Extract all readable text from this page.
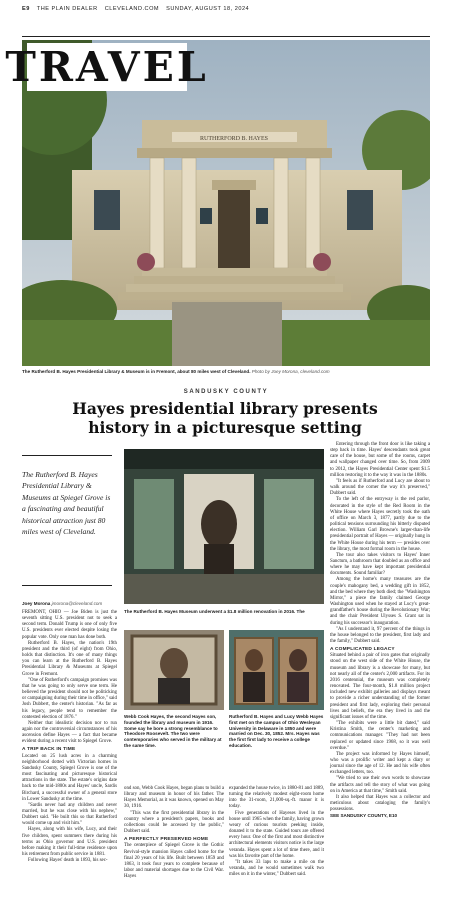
E9 THE PLAIN DEALER CLEVELAND.COM SUNDAY, AUGUST 18, 2024
RUTHERFORD B. HAYES
TRAVEL
The Rutherford B. Hayes Presidential Library & Museum is in Fremont, about 80 miles west of Cleveland. Photo by Joey Morona, cleveland.com
SANDUSKY COUNTY
Hayes presidential library presents history in a picturesque setting
The Rutherford B. Hayes Presidential Library & Museums at Spiegel Grove is a fascinating and beautiful historical attraction just 80 miles west of Cleveland.
Joey Morona jmorona@cleveland.com
The Rutherford B. Hayes Museum underwent a $1.8 million renovation in 2016. The
Webb Cook Hayes, the second Hayes son, founded the library and museum in 1916. Some say he bore a strong resemblance to Theodore Roosevelt. The two were contemporaries who served in the military at the same time.
Rutherford B. Hayes and Lucy Webb Hayes first met on the campus of Ohio Wesleyan University in Delaware in 1850 and were married on Dec. 30, 1852. Mrs. Hayes was the first first lady to receive a college education.

FREMONT, OHIO — Joe Biden is just the seventh sitting U.S. president not to seek a second term. Donald Trump is one of only five U.S. presidents ever elected despite losing the popular vote. Only one man has done both.

Rutherford B. Hayes, the nation's 19th president and the third (of eight) from Ohio, holds that distinction. It's one of many things you can learn at the Rutherford B. Hayes Presidential Library & Museums at Spiegel Grove in Fremont.

"One of Rutherford's campaign promises was that he was going to only serve one term. He believed the president should not be politicking or campaigning during their time in office," said Josh Dubbert, the center's historian. "As far as his legacy, people tend to remember the contested election of 1876."

Neither that idealistic decision nor to run again nor the controversial circumstances of his ascension define Hayes — a fact that became evident during a recent visit to Spiegel Grove.

A TRIP BACK IN TIME

Located on 25 lush acres in a charming neighborhood dotted with Victorian homes in Sandusky County, Spiegel Grove is one of the most fascinating and picturesque historical attractions in the state. The estate's origins date back to the mid-1800s and Hayes' uncle, Sardis Birchard, a successful owner of a general store in Lower Sandusky at the time.

"Sardis never had any children and never married, but he was close with his nephew," Dubbert said. "He built this so that Rutherford would come up and visit him."

Hayes, along with his wife, Lucy, and their five children, spent summers there during his terms as Ohio governor and U.S. president before making it their full-time residence upon his retirement from public service in 1881.

Following Hayes' death in 1893, his sec-

ond son, Webb Cook Hayes, began plans to build a library and museum in honor of his father. The Hayes Memorial, as it was known, opened on May 30, 1916.

"This was the first presidential library in the country where a president's papers, books and collections could be accessed by the public," Dubbert said.

A PERFECTLY PRESERVED HOME

The centerpiece of Spiegel Grove is the Gothic Revival-style mansion Hayes called home for the final 20 years of his life. Built between 1859 and 1863, it took four years to complete because of labor and material shortages due to the Civil War. Hayes

expanded the house twice, in 1880-81 and 1889, turning the relatively modest eight-room home into the 31-room, 21,000-sq.-ft. manor it is today.

Five generations of Hayeses lived in the house until 1965 when the family, having grown weary of curious tourists peeking inside, donated it to the state. Guided tours are offered every hour. One of the first and most distinctive architectural elements visitors notice is the large veranda. Hayes spent a lot of time there, and it was his favorite part of the home.

"It takes 33 laps to make a mile on the veranda, and he would sometimes walk two miles on it in the winter," Dubbert said.

Entering through the front door is like taking a step back in time. Hayes' descendants took great care of the house, but some of the rooms, carpet and wallpaper changed over time. So, from 2009 to 2012, the Hayes Presidential Center spent $1.5 million restoring it to the way it was in the 1880s.

"It feels as if Rutherford and Lucy are about to walk around the corner the way it's preserved," Dubbert said.

To the left of the entryway is the red parlor, decorated in the style of the Red Room in the White House where Hayes secretly took the oath of office on March 3, 1877, partly due to the political tensions surrounding his bitterly disputed election. William Garl Browne's larger-than-life presidential portrait of Hayes — originally hung in the White House during his term — presides over the library, the most formal room in the house.

The tour also takes visitors to Hayes' Inner Sanctum, a bathroom that doubled as an office and where he may have kept important presidential documents. Sound familiar?

Among the home's many treasures are the couple's mahogany bed, a wedding gift in 1852, and the bed where they both died; the "Washington Mirror," a piece the family claimed George Washington used when he stayed at Lucy's great-grandfather's house during the Revolutionary War; and the chair President Ulysses S. Grant sat in during his successor's inauguration.

"As I understand it, 97 percent of the things in the house belonged to the president, first lady and the family," Dubbert said.

A COMPLICATED LEGACY

Situated behind a pair of iron gates that originally stood on the west side of the White House, the museum and library is a showcase for many, but not nearly all of the center's 2,000 artifacts. For its 2016 centennial, the museum was completely renovated. The four-month, $1.8 million project included new exhibit galleries and displays meant to provide a richer understanding of the former president and first lady, exploring their personal lives and beliefs, the era they lived in and the significant issues of the time.

"The exhibits were a little bit dated," said Kristina Smith, the center's marketing and communications manager. "They had not been replaced or updated since 1968, so it was well overdue."

The project was informed by Hayes himself, who was a prolific writer and kept a diary or journal since the age of 12. He and his wife often exchanged letters, too.

"We tried to use their own words to showcase the artifacts and tell the story of what was going on in America at that time," Smith said.

It also helped that Hayes was a collector and meticulous about cataloging the family's possessions.

SEE SANDUSKY COUNTY, E10
